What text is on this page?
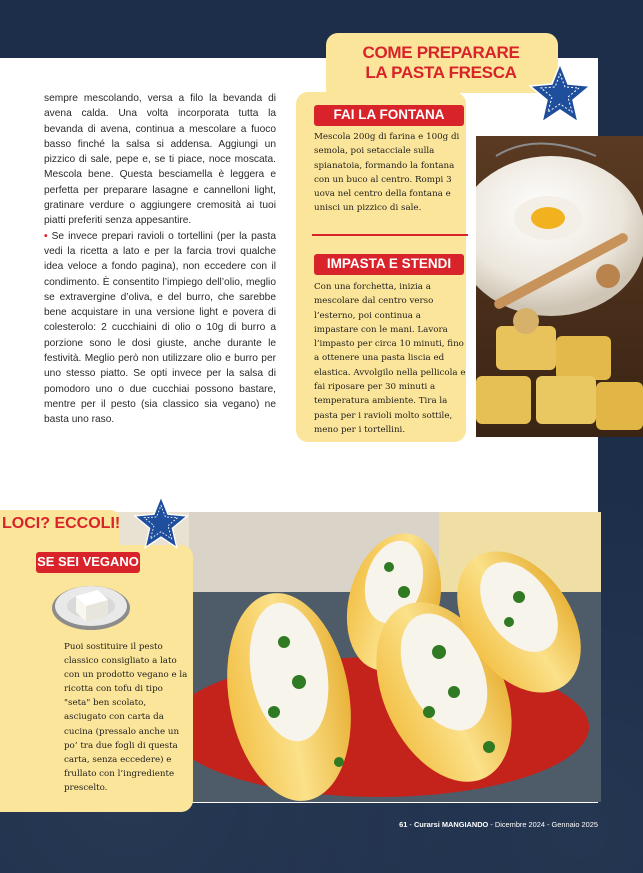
sempre mescolando, versa a filo la bevanda di avena calda. Una volta incorporata tutta la bevanda di avena, continua a mescolare a fuoco basso finché la salsa si addensa. Aggiungi un pizzico di sale, pepe e, se ti piace, noce moscata. Mescola bene. Questa besciamella è leggera e perfetta per preparare lasagne e cannelloni light, gratinare verdure o aggiungere cremosità ai tuoi piatti preferiti senza appesantire.

• Se invece prepari ravioli o tortellini (per la pasta vedi la ricetta a lato e per la farcia trovi qualche idea veloce a fondo pagina), non eccedere con il condimento. È consentito l’impiego dell’olio, meglio se extravergine d’oliva, e del burro, che sarebbe bene acquistare in una versione light e povera di colesterolo: 2 cucchiaini di olio o 10g di burro a porzione sono le dosi giuste, anche durante le festività. Meglio però non utilizzare olio e burro per uno stesso piatto. Se opti invece per la salsa di pomodoro uno o due cucchiai possono bastare, mentre per il pesto (sia classico sia vegano) ne basta uno raso.

COME PREPARARE
LA PASTA FRESCA
FAI LA FONTANA

Mescola 200g di farina e 100g di semola, poi setacciale sulla spianatoia, formando la fontana con un buco al centro. Rompi 3 uova nel centro della fontana e unisci un pizzico di sale.

IMPASTA E STENDI

Con una forchetta, inizia a mescolare dal centro verso l’esterno, poi continua a impastare con le mani. Lavora l’impasto per circa 10 minuti, fino a ottenere una pasta liscia ed elastica. Avvolgilo nella pellicola e fai riposare per 30 minuti a temperatura ambiente. Tira la pasta per i ravioli molto sottile, meno per i tortellini.

LOCI? ECCOLI!
SE SEI VEGANO

Puoi sostituire il pesto classico consigliato a lato con un prodotto vegano e la ricotta con tofu di tipo "seta" ben scolato, asciugato con carta da cucina (pressalo anche un po’ tra due fogli di questa carta, senza eccedere) e frullato con l’ingrediente prescelto.

61 - Curarsi MANGIANDO - Dicembre 2024 - Gennaio 2025
